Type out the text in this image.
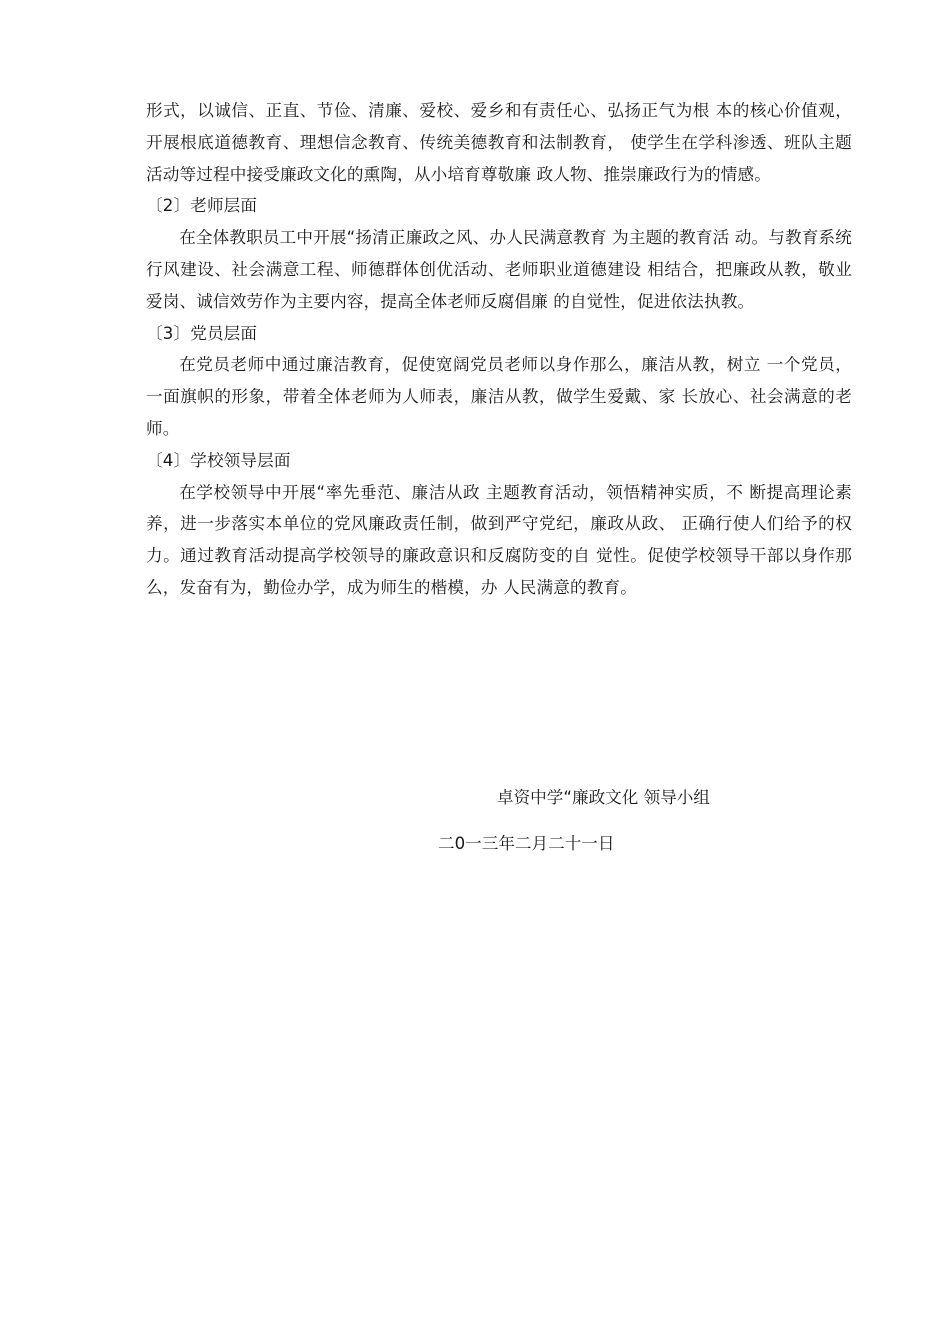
形式，以诚信、正直、节俭、清廉、爱校、爱乡和有责任心、弘扬正气为根 本的核心价值观，开展根底道德教育、理想信念教育、传统美德教育和法制教育， 使学生在学科渗透、班队主题活动等过程中接受廉政文化的熏陶，从小培育尊敬廉 政人物、推崇廉政行为的情感。

〔2〕老师层面

在全体教职员工中开展“扬清正廉政之风、办人民满意教育 为主题的教育活 动。与教育系统行风建设、社会满意工程、师德群体创优活动、老师职业道德建设 相结合，把廉政从教，敬业爱岗、诚信效劳作为主要内容，提高全体老师反腐倡廉 的自觉性，促进依法执教。

〔3〕党员层面

在党员老师中通过廉洁教育，促使宽阔党员老师以身作那么，廉洁从教，树立 一个党员，一面旗帜的形象，带着全体老师为人师表，廉洁从教，做学生爱戴、家 长放心、社会满意的老师。

〔4〕学校领导层面

在学校领导中开展“率先垂范、廉洁从政 主题教育活动，领悟精神实质，不 断提高理论素养，进一步落实本单位的党风廉政责任制，做到严守党纪，廉政从政、 正确行使人们给予的权力。通过教育活动提高学校领导的廉政意识和反腐防变的自 觉性。促使学校领导干部以身作那么，发奋有为，勤俭办学，成为师生的楷模，办 人民满意的教育。

卓资中学“廉政文化 领导小组
二0一三年二月二十一日
